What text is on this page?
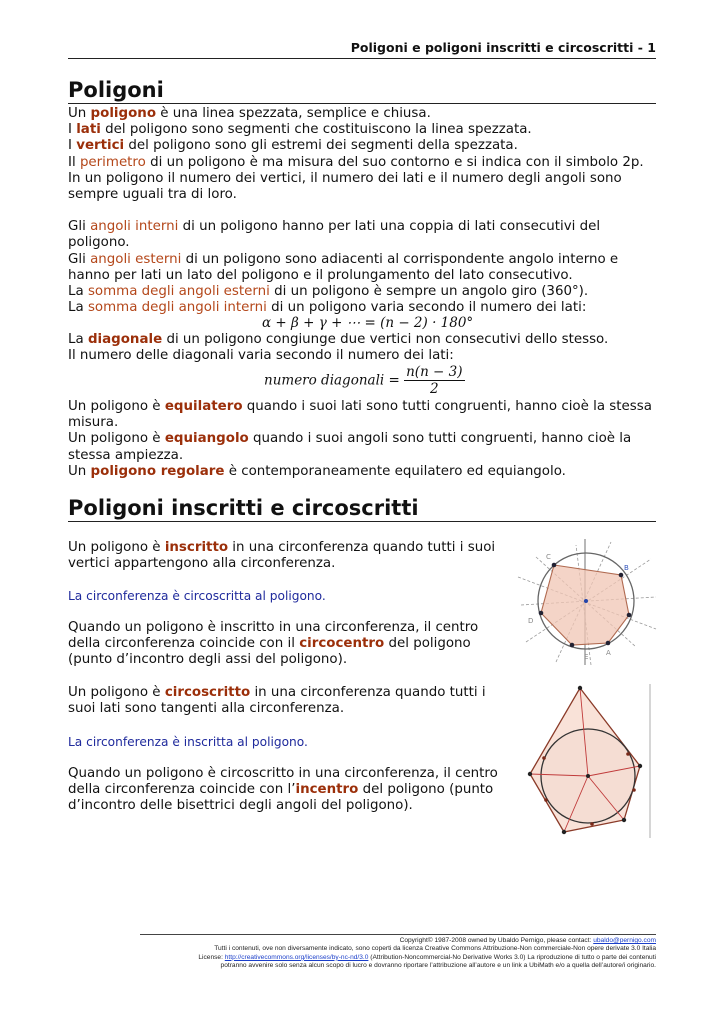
Poligoni e poligoni inscritti e circoscritti - 1
Poligoni
Un poligono è una linea spezzata, semplice e chiusa.
I lati del poligono sono segmenti che costituiscono la linea spezzata.
I vertici del poligono sono gli estremi dei segmenti della spezzata.
Il perimetro di un poligono è ma misura del suo contorno e si indica con il simbolo 2p.
In un poligono il numero dei vertici, il numero dei lati e il numero degli angoli sono
sempre uguali tra di loro.
Gli angoli interni di un poligono hanno per lati una coppia di lati consecutivi del
poligono.
Gli angoli esterni di un poligono sono adiacenti al corrispondente angolo interno e
hanno per lati un lato del poligono e il prolungamento del lato consecutivo.
La somma degli angoli esterni di un poligono è sempre un angolo giro (360°).
La somma degli angoli interni di un poligono varia secondo il numero dei lati:
α + β + γ + ⋯ = (n − 2) · 180°
La diagonale di un poligono congiunge due vertici non consecutivi dello stesso.
Il numero delle diagonali varia secondo il numero dei lati:
numero diagonali = $\frac{n(n - 3)}{2}$
Un poligono è equilatero quando i suoi lati sono tutti congruenti, hanno cioè la stessa
misura.
Un poligono è equiangolo quando i suoi angoli sono tutti congruenti, hanno cioè la
stessa ampiezza.
Un poligono regolare è contemporaneamente equilatero ed equiangolo.
Poligoni inscritti e circoscritti
Un poligono è inscritto in una circonferenza quando tutti i suoi
vertici appartengono alla circonferenza.
La circonferenza è circoscritta al poligono.
Quando un poligono è inscritto in una circonferenza, il centro
della circonferenza coincide con il circocentro del poligono
(punto d’incontro degli assi del poligono).
Un poligono è circoscritto in una circonferenza quando tutti i
suoi lati sono tangenti alla circonferenza.
La circonferenza è inscritta al poligono.
Quando un poligono è circoscritto in una circonferenza, il centro
della circonferenza coincide con l’incentro del poligono (punto
d’incontro delle bisettrici degli angoli del poligono).
C
B
D
E	A
Copyright© 1987-2008 owned by Ubaldo Pernigo, please contact: ubaldo@pernigo.com
Tutti i contenuti, ove non diversamente indicato, sono coperti da licenza Creative Commons Attribuzione-Non commerciale-Non opere derivate 3.0 Italia
License: http://creativecommons.org/licenses/by-nc-nd/3.0 (Attribution-Noncommercial-No Derivative Works 3.0) La riproduzione di tutto o parte dei contenuti
potranno avvenire solo senza alcun scopo di lucro e dovranno riportare l’attribuzione all’autore e un link a UbiMath e/o a quella dell’autore/i originario.
